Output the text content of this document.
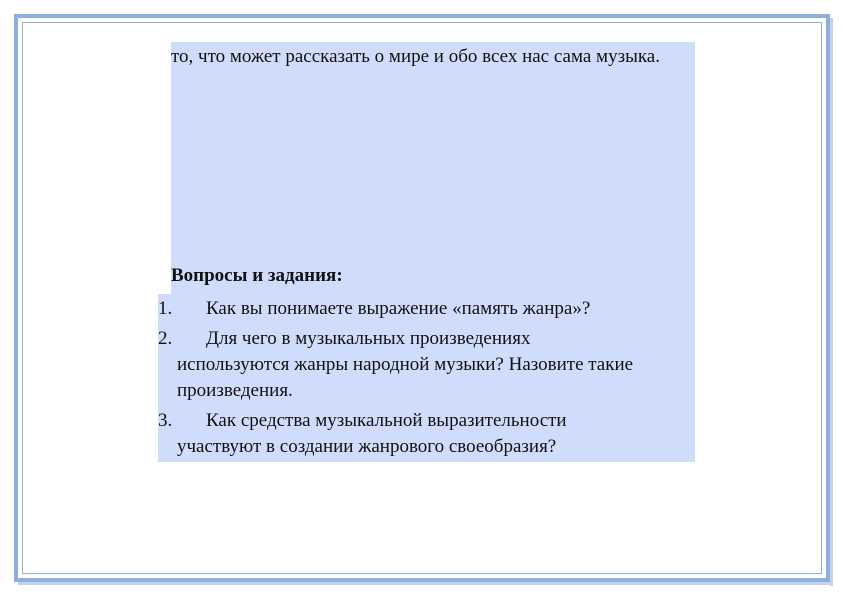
то, что может рассказать о мире и обо всех нас сама музыка.

Вопросы и задания:

1. Как вы понимаете выражение «память жанра»?
2. Для чего в музыкальных произведениях
используются жанры народной музыки? Назовите такие произведения.
3. Как средства музыкальной выразительности
участвуют в создании жанрового своеобразия?
